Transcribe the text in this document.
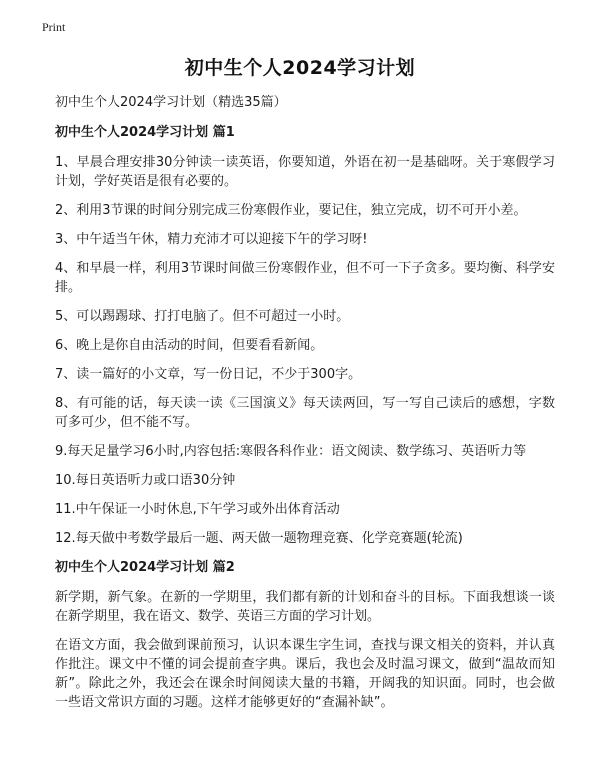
Print
初中生个人2024学习计划

初中生个人2024学习计划（精选35篇）

初中生个人2024学习计划 篇1

1、早晨合理安排30分钟读一读英语，你要知道，外语在初一是基础呀。关于寒假学习计划，学好英语是很有必要的。

2、利用3节课的时间分别完成三份寒假作业，要记住，独立完成，切不可开小差。

3、中午适当午休，精力充沛才可以迎接下午的学习呀!

4、和早晨一样，利用3节课时间做三份寒假作业，但不可一下子贪多。要均衡、科学安排。

5、可以踢踢球、打打电脑了。但不可超过一小时。

6、晚上是你自由活动的时间，但要看看新闻。

7、读一篇好的小文章，写一份日记，不少于300字。

8、有可能的话，每天读一读《三国演义》每天读两回，写一写自己读后的感想，字数可多可少，但不能不写。

9.每天足量学习6小时,内容包括:寒假各科作业：语文阅读、数学练习、英语听力等

10.每日英语听力或口语30分钟

11.中午保证一小时休息,下午学习或外出体育活动

12.每天做中考数学最后一题、两天做一题物理竞赛、化学竞赛题(轮流)

初中生个人2024学习计划 篇2

新学期，新气象。在新的一学期里，我们都有新的计划和奋斗的目标。下面我想谈一谈在新学期里，我在语文、数学、英语三方面的学习计划。

在语文方面，我会做到课前预习，认识本课生字生词，查找与课文相关的资料，并认真作批注。课文中不懂的词会提前查字典。课后，我也会及时温习课文，做到“温故而知新”。除此之外，我还会在课余时间阅读大量的书籍，开阔我的知识面。同时，也会做一些语文常识方面的习题。这样才能够更好的“查漏补缺”。
